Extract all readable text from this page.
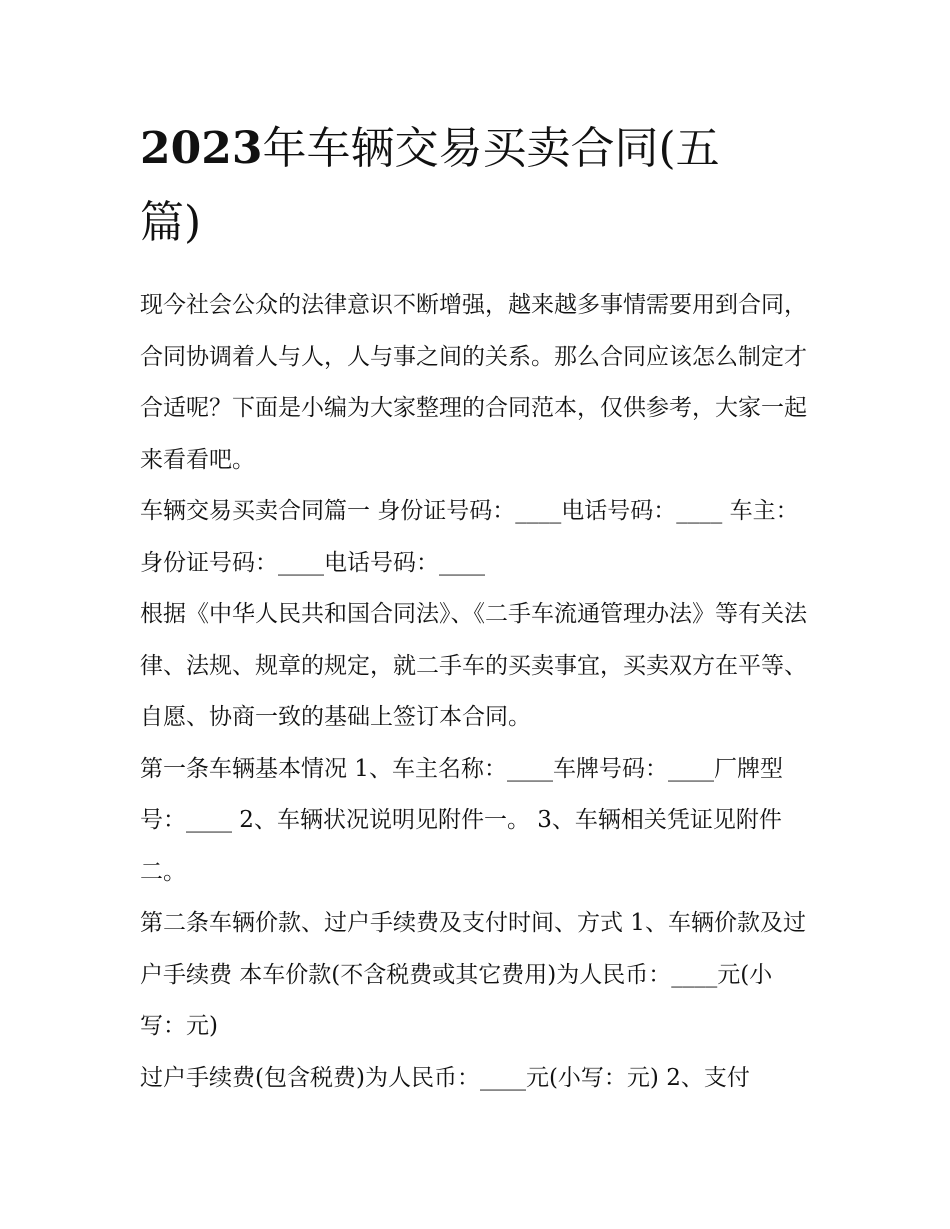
2023年车辆交易买卖合同(五篇)

现今社会公众的法律意识不断增强，越来越多事情需要用到合同，合同协调着人与人，人与事之间的关系。那么合同应该怎么制定才合适呢？下面是小编为大家整理的合同范本，仅供参考，大家一起来看看吧。

车辆交易买卖合同篇一 身份证号码：____电话号码：____ 车主： 身份证号码：____电话号码：____

根据《中华人民共和国合同法》、《二手车流通管理办法》等有关法律、法规、规章的规定，就二手车的买卖事宜，买卖双方在平等、自愿、协商一致的基础上签订本合同。

第一条车辆基本情况 1、车主名称：____车牌号码：____厂牌型号：____ 2、车辆状况说明见附件一。 3、车辆相关凭证见附件二。

第二条车辆价款、过户手续费及支付时间、方式 1、车辆价款及过户手续费 本车价款(不含税费或其它费用)为人民币：____元(小写：元)

过户手续费(包含税费)为人民币：____元(小写：元) 2、支付
